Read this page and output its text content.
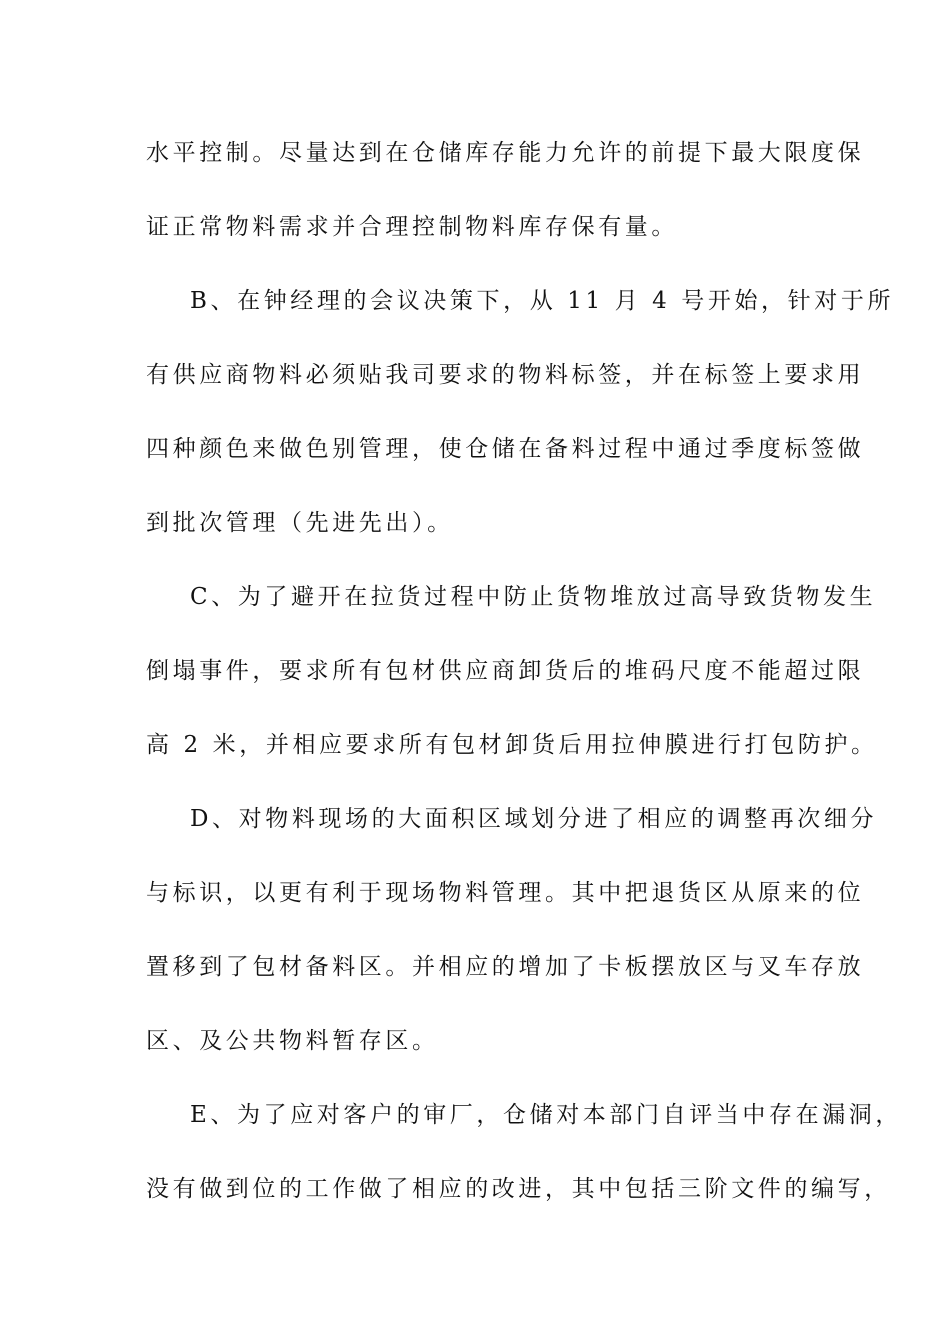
水平控制。尽量达到在仓储库存能力允许的前提下最大限度保

证正常物料需求并合理控制物料库存保有量。

B、在钟经理的会议决策下，从 11 月 4 号开始，针对于所

有供应商物料必须贴我司要求的物料标签，并在标签上要求用

四种颜色来做色别管理，使仓储在备料过程中通过季度标签做

到批次管理（先进先出）。

C、为了避开在拉货过程中防止货物堆放过高导致货物发生

倒塌事件，要求所有包材供应商卸货后的堆码尺度不能超过限

高 2 米，并相应要求所有包材卸货后用拉伸膜进行打包防护。

D、对物料现场的大面积区域划分进了相应的调整再次细分

与标识，以更有利于现场物料管理。其中把退货区从原来的位

置移到了包材备料区。并相应的增加了卡板摆放区与叉车存放

区、及公共物料暂存区。

E、为了应对客户的审厂，仓储对本部门自评当中存在漏洞，

没有做到位的工作做了相应的改进，其中包括三阶文件的编写，
